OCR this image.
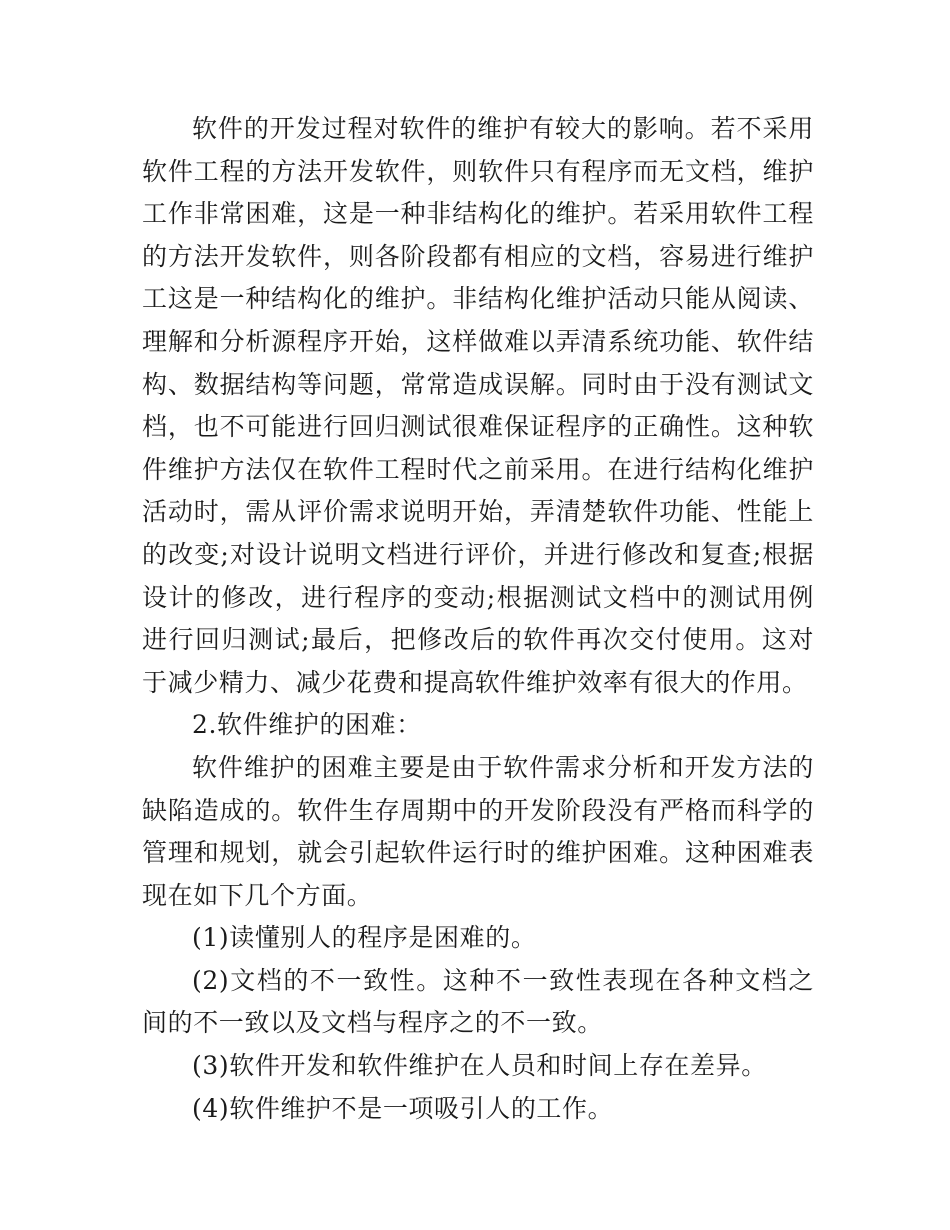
软件的开发过程对软件的维护有较大的影响。若不采用软件工程的方法开发软件，则软件只有程序而无文档，维护工作非常困难，这是一种非结构化的维护。若采用软件工程的方法开发软件，则各阶段都有相应的文档，容易进行维护工这是一种结构化的维护。非结构化维护活动只能从阅读、理解和分析源程序开始，这样做难以弄清系统功能、软件结构、数据结构等问题，常常造成误解。同时由于没有测试文档，也不可能进行回归测试很难保证程序的正确性。这种软件维护方法仅在软件工程时代之前采用。在进行结构化维护活动时，需从评价需求说明开始，弄清楚软件功能、性能上的改变;对设计说明文档进行评价，并进行修改和复查;根据设计的修改，进行程序的变动;根据测试文档中的测试用例进行回归测试;最后，把修改后的软件再次交付使用。这对于减少精力、减少花费和提高软件维护效率有很大的作用。

2.软件维护的困难：

软件维护的困难主要是由于软件需求分析和开发方法的缺陷造成的。软件生存周期中的开发阶段没有严格而科学的管理和规划，就会引起软件运行时的维护困难。这种困难表现在如下几个方面。

(1)读懂别人的程序是困难的。

(2)文档的不一致性。这种不一致性表现在各种文档之间的不一致以及文档与程序之的不一致。

(3)软件开发和软件维护在人员和时间上存在差异。

(4)软件维护不是一项吸引人的工作。
